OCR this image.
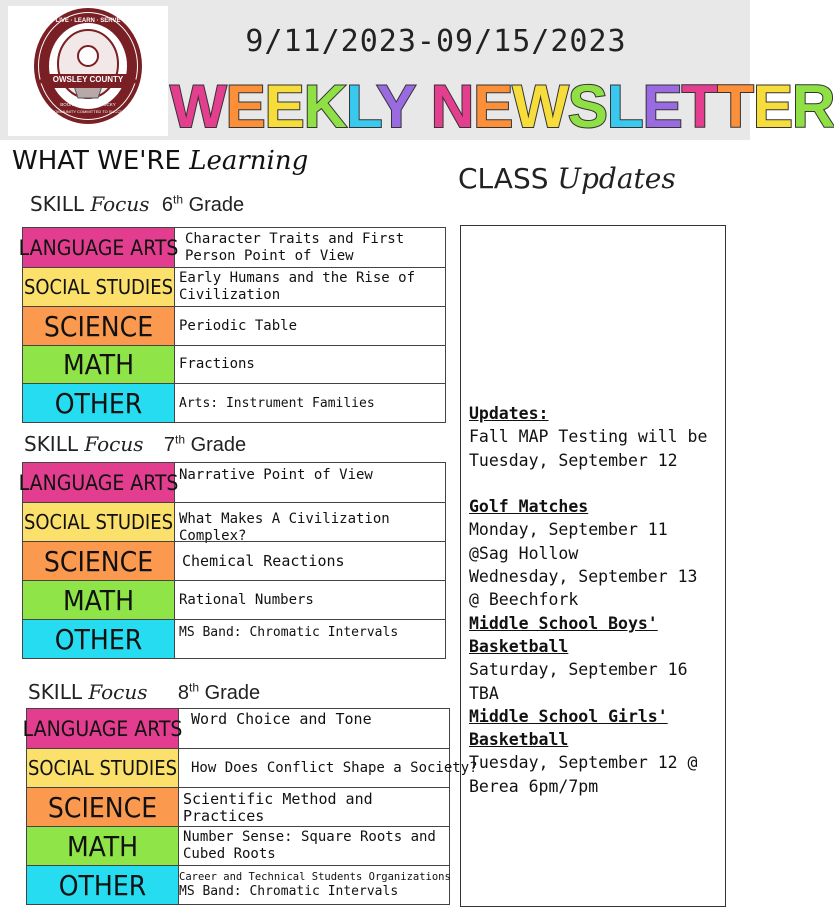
OWSLEY COUNTY
LIVE · LEARN · SERVE
BOONEVILLE, KENTUCKY
A COMMUNITY COMMITTED TO SUCCESS
9/11/2023-09/15/2023
WEEKLY NEWSLETTER
WHAT WE'RE Learning
SKILL Focus 6th Grade
SKILL Focus 7th Grade
SKILL Focus 8th Grade
LANGUAGE ARTS Character Traits and First Person Point of View
SOCIAL STUDIES Early Humans and the Rise of Civilization
SCIENCE	Periodic Table
MATH	Fractions
OTHER	Arts: Instrument Families
LANGUAGE ARTS Narrative Point of View
SOCIAL STUDIES What Makes A Civilization Complex?
SCIENCE	Chemical Reactions
MATH	Rational Numbers
OTHER	MS Band: Chromatic Intervals
LANGUAGE ARTS Word Choice and Tone
SOCIAL STUDIES How Does Conflict Shape a Society?
SCIENCE	Scientific Method and Practices
MATH	Number Sense: Square Roots and Cubed Roots
OTHER	Career and Technical Students Organizations
MS Band: Chromatic Intervals
CLASS Updates

Updates:

Fall MAP Testing will be Tuesday, September 12

Golf Matches

Monday, September 11

@Sag Hollow

Wednesday, September 13

@ Beechfork

Middle School Boys' Basketball

Saturday, September 16

TBA

Middle School Girls' Basketball

Tuesday, September 12 @ Berea 6pm/7pm
